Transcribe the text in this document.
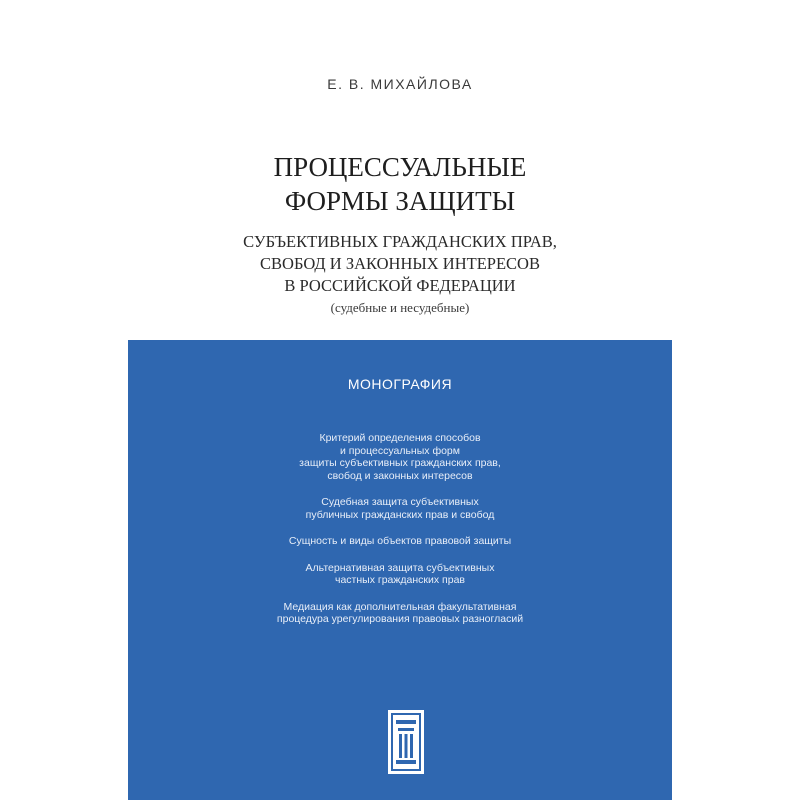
Е. В. МИХАЙЛОВА
ПРОЦЕССУАЛЬНЫЕ
ФОРМЫ ЗАЩИТЫ
СУБЪЕКТИВНЫХ ГРАЖДАНСКИХ ПРАВ,
СВОБОД И ЗАКОННЫХ ИНТЕРЕСОВ
В РОССИЙСКОЙ ФЕДЕРАЦИИ
(судебные и несудебные)
МОНОГРАФИЯ
Критерий определения способов
и процессуальных форм
защиты субъективных гражданских прав,
свобод и законных интересов
Судебная защита субъективных
публичных гражданских прав и свобод
Сущность и виды объектов правовой защиты
Альтернативная защита субъективных
частных гражданских прав
Медиация как дополнительная факультативная
процедура урегулирования правовых разногласий
